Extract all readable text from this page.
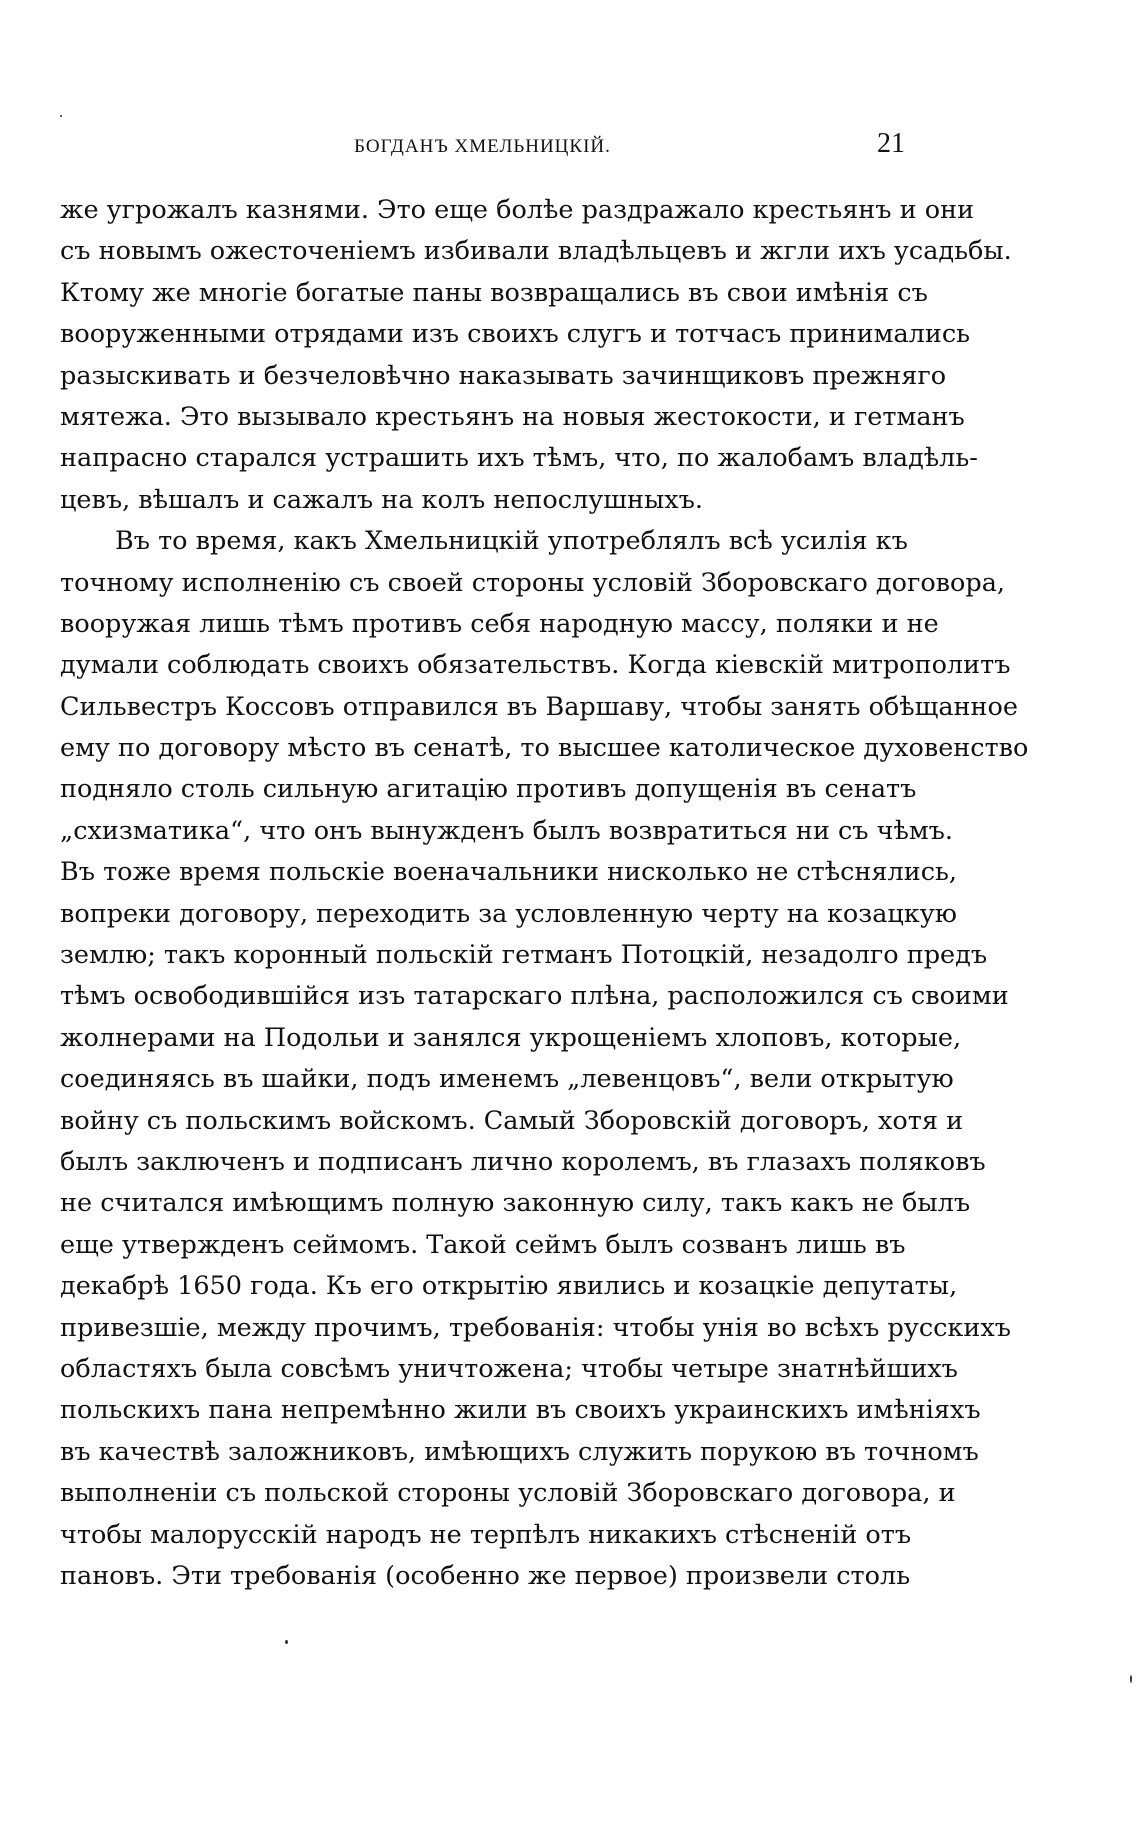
БОГДАНЪ ХМЕЛЬНИЦКІЙ.	21
же угрожалъ казнями. Это еще болѣе раздражало крестьянъ и они
съ новымъ ожесточеніемъ избивали владѣльцевъ и жгли ихъ усадьбы.
Ктому же многіе богатые паны возвращались въ свои имѣнія съ
вооруженными отрядами изъ своихъ слугъ и тотчасъ принимались
разыскивать и безчеловѣчно наказывать зачинщиковъ прежняго
мятежа. Это вызывало крестьянъ на новыя жестокости, и гетманъ
напрасно старался устрашить ихъ тѣмъ, что, по жалобамъ владѣль-
цевъ, вѣшалъ и сажалъ на колъ непослушныхъ.
Въ то время, какъ Хмельницкій употреблялъ всѣ усилія къ
точному исполненію съ своей стороны условій Зборовскаго договора,
вооружая лишь тѣмъ противъ себя народную массу, поляки и не
думали соблюдать своихъ обязательствъ. Когда кіевскій митрополитъ
Сильвестръ Коссовъ отправился въ Варшаву, чтобы занять обѣщанное
ему по договору мѣсто въ сенатѣ, то высшее католическое духовенство
подняло столь сильную агитацію противъ допущенія въ сенатъ
„схизматика“, что онъ вынужденъ былъ возвратиться ни съ чѣмъ.
Въ тоже время польскіе военачальники нисколько не стѣснялись,
вопреки договору, переходить за условленную черту на козацкую
землю; такъ коронный польскій гетманъ Потоцкій, незадолго предъ
тѣмъ освободившійся изъ татарскаго плѣна, расположился съ своими
жолнерами на Подольи и занялся укрощеніемъ хлоповъ, которые,
соединяясь въ шайки, подъ именемъ „левенцовъ“, вели открытую
войну съ польскимъ войскомъ. Самый Зборовскій договоръ, хотя и
былъ заключенъ и подписанъ лично королемъ, въ глазахъ поляковъ
не считался имѣющимъ полную законную силу, такъ какъ не былъ
еще утвержденъ сеймомъ. Такой сеймъ былъ созванъ лишь въ
декабрѣ 1650 года. Къ его открытію явились и козацкіе депутаты,
привезшіе, между прочимъ, требованія: чтобы унія во всѣхъ русскихъ
областяхъ была совсѣмъ уничтожена; чтобы четыре знатнѣйшихъ
польскихъ пана непремѣнно жили въ своихъ украинскихъ имѣніяхъ
въ качествѣ заложниковъ, имѣющихъ служить порукою въ точномъ
выполненіи съ польской стороны условій Зборовскаго договора, и
чтобы малорусскій народъ не терпѣлъ никакихъ стѣсненій отъ
пановъ. Эти требованія (особенно же первое) произвели столь
